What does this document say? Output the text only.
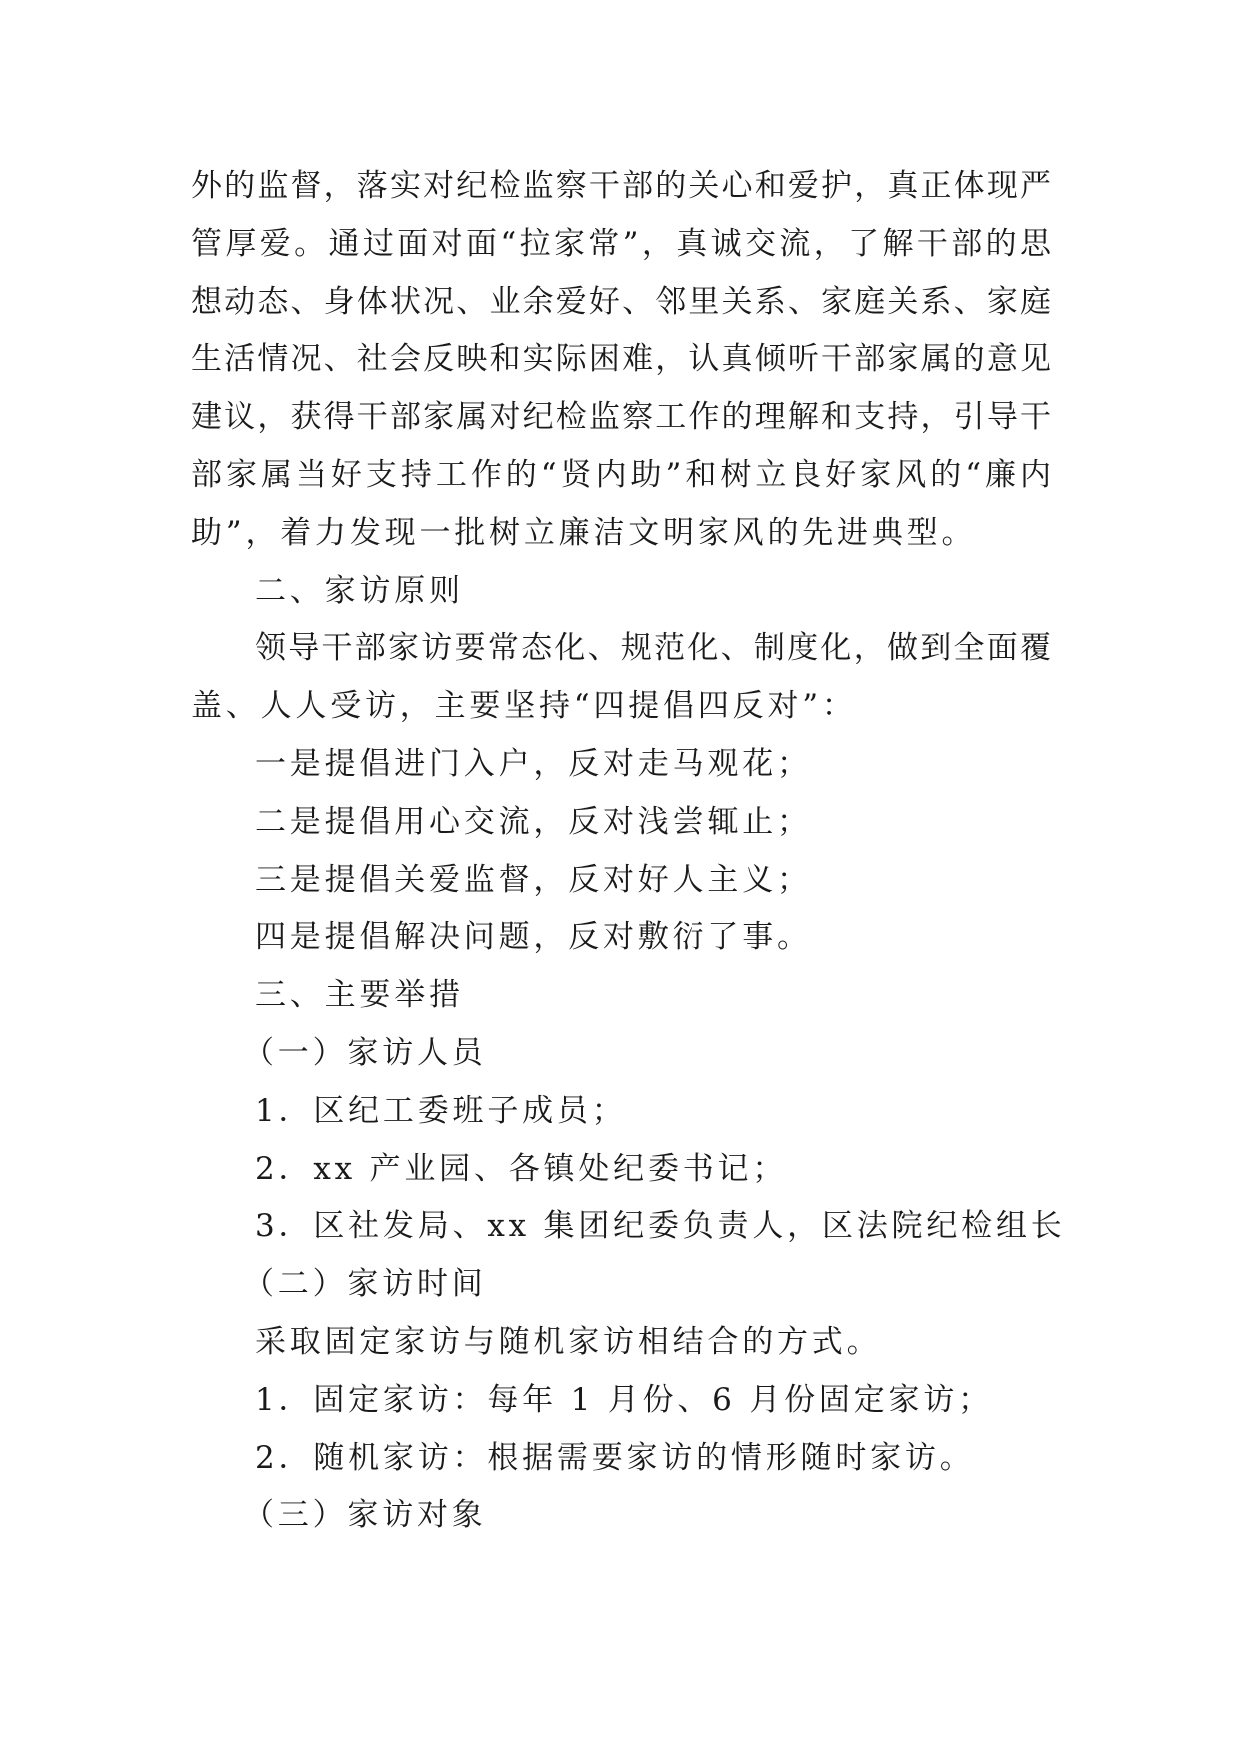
外的监督，落实对纪检监察干部的关心和爱护，真正体现严
管厚爱。通过面对面“拉家常”，真诚交流，了解干部的思
想动态、身体状况、业余爱好、邻里关系、家庭关系、家庭
生活情况、社会反映和实际困难，认真倾听干部家属的意见
建议，获得干部家属对纪检监察工作的理解和支持，引导干
部家属当好支持工作的“贤内助”和树立良好家风的“廉内
助”，着力发现一批树立廉洁文明家风的先进典型。
二、家访原则
领导干部家访要常态化、规范化、制度化，做到全面覆
盖、人人受访，主要坚持“四提倡四反对”：
一是提倡进门入户，反对走马观花；
二是提倡用心交流，反对浅尝辄止；
三是提倡关爱监督，反对好人主义；
四是提倡解决问题，反对敷衍了事。
三、主要举措
（一）家访人员
1．区纪工委班子成员；
2．xx 产业园、各镇处纪委书记；
3．区社发局、xx 集团纪委负责人，区法院纪检组长
（二）家访时间
采取固定家访与随机家访相结合的方式。
1．固定家访：每年 1 月份、6 月份固定家访；
2．随机家访：根据需要家访的情形随时家访。
（三）家访对象
